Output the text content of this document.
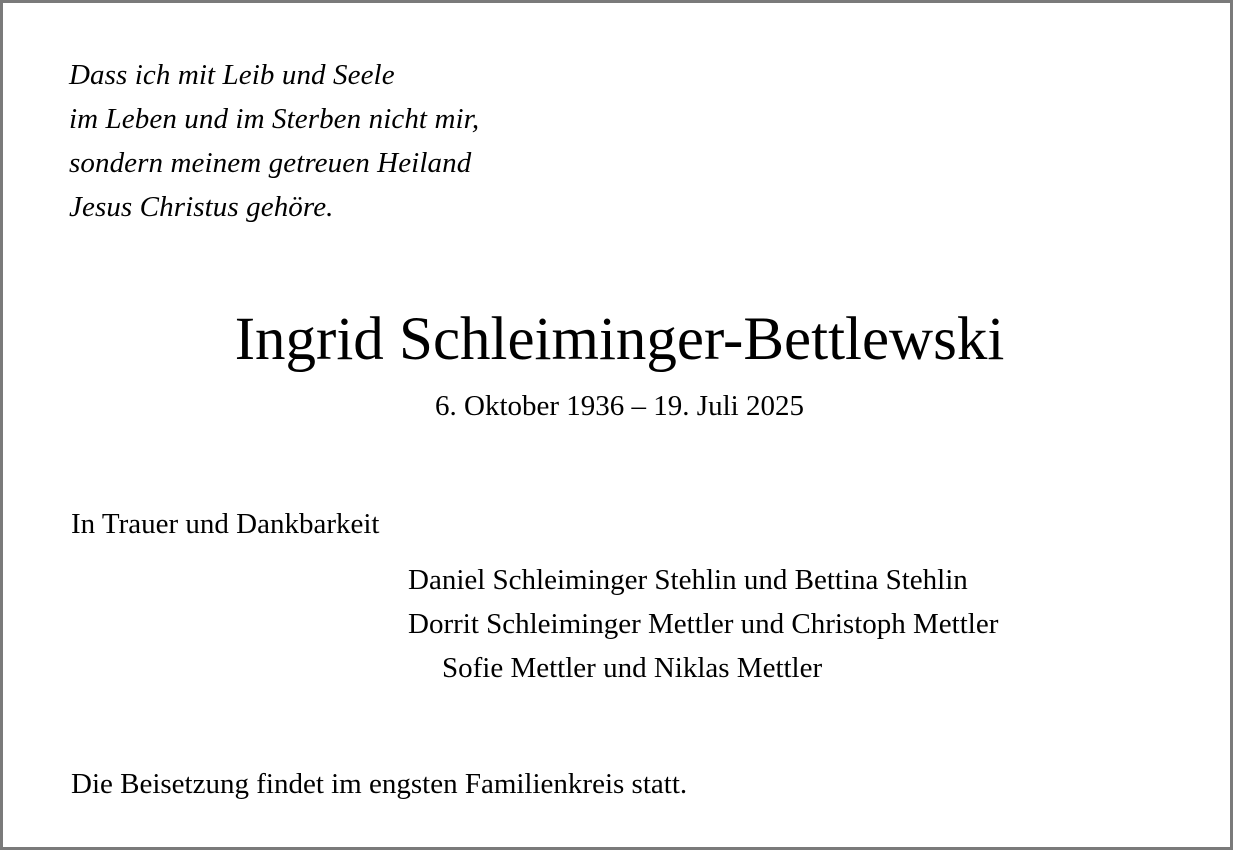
Dass ich mit Leib und Seele
im Leben und im Sterben nicht mir,
sondern meinem getreuen Heiland
Jesus Christus gehöre.
Ingrid Schleiminger-Bettlewski
6. Oktober 1936 – 19. Juli 2025
In Trauer und Dankbarkeit
Daniel Schleiminger Stehlin und Bettina Stehlin
Dorrit Schleiminger Mettler und Christoph Mettler
Sofie Mettler und Niklas Mettler
Die Beisetzung findet im engsten Familienkreis statt.
